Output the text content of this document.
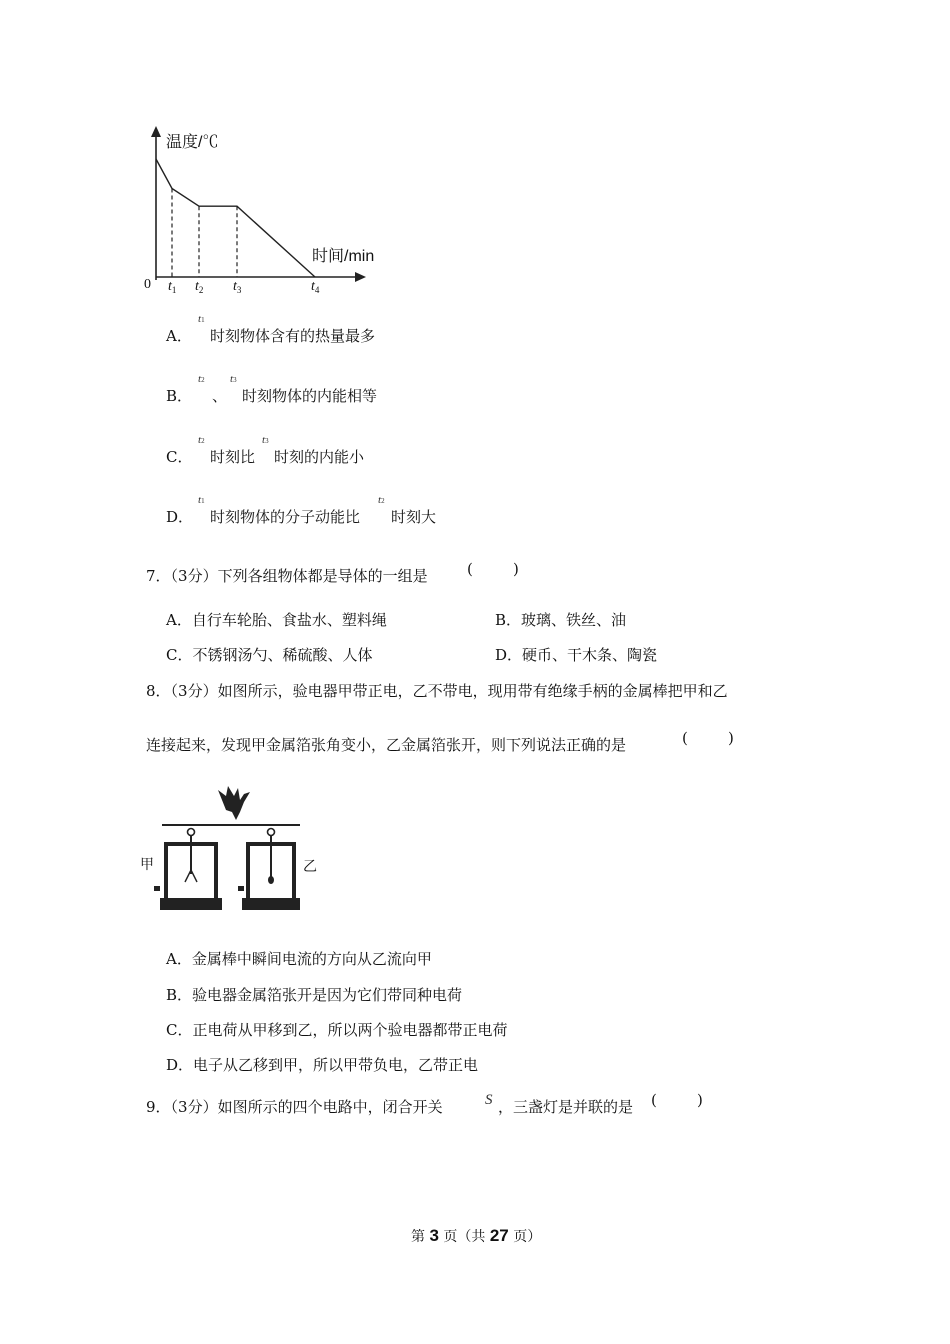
温度/℃
时间/min
0 $t_1$ $t_2$ $t_3$	$t_4$
A．
t1
时刻物体含有的热量最多
B．
t2
、
t3
时刻物体的内能相等
C．
t2
时刻比
t3
时刻的内能小
D．
t1
时刻物体的分子动能比
t2
时刻大
7．（3分）下列各组物体都是导体的一组是	(	)
A．自行车轮胎、食盐水、塑料绳	B．玻璃、铁丝、油
C．不锈钢汤勺、稀硫酸、人体	D．硬币、干木条、陶瓷
8．（3分）如图所示，验电器甲带正电，乙不带电，现用带有绝缘手柄的金属棒把甲和乙
连接起来，发现甲金属箔张角变小，乙金属箔张开，则下列说法正确的是	(	)
甲	乙
A．金属棒中瞬间电流的方向从乙流向甲
B．验电器金属箔张开是因为它们带同种电荷
C．正电荷从甲移到乙，所以两个验电器都带正电荷
D．电子从乙移到甲，所以甲带负电，乙带正电
9．（3分）如图所示的四个电路中，闭合开关	S ，三盏灯是并联的是 (	)
第 3 页（共 27 页）
